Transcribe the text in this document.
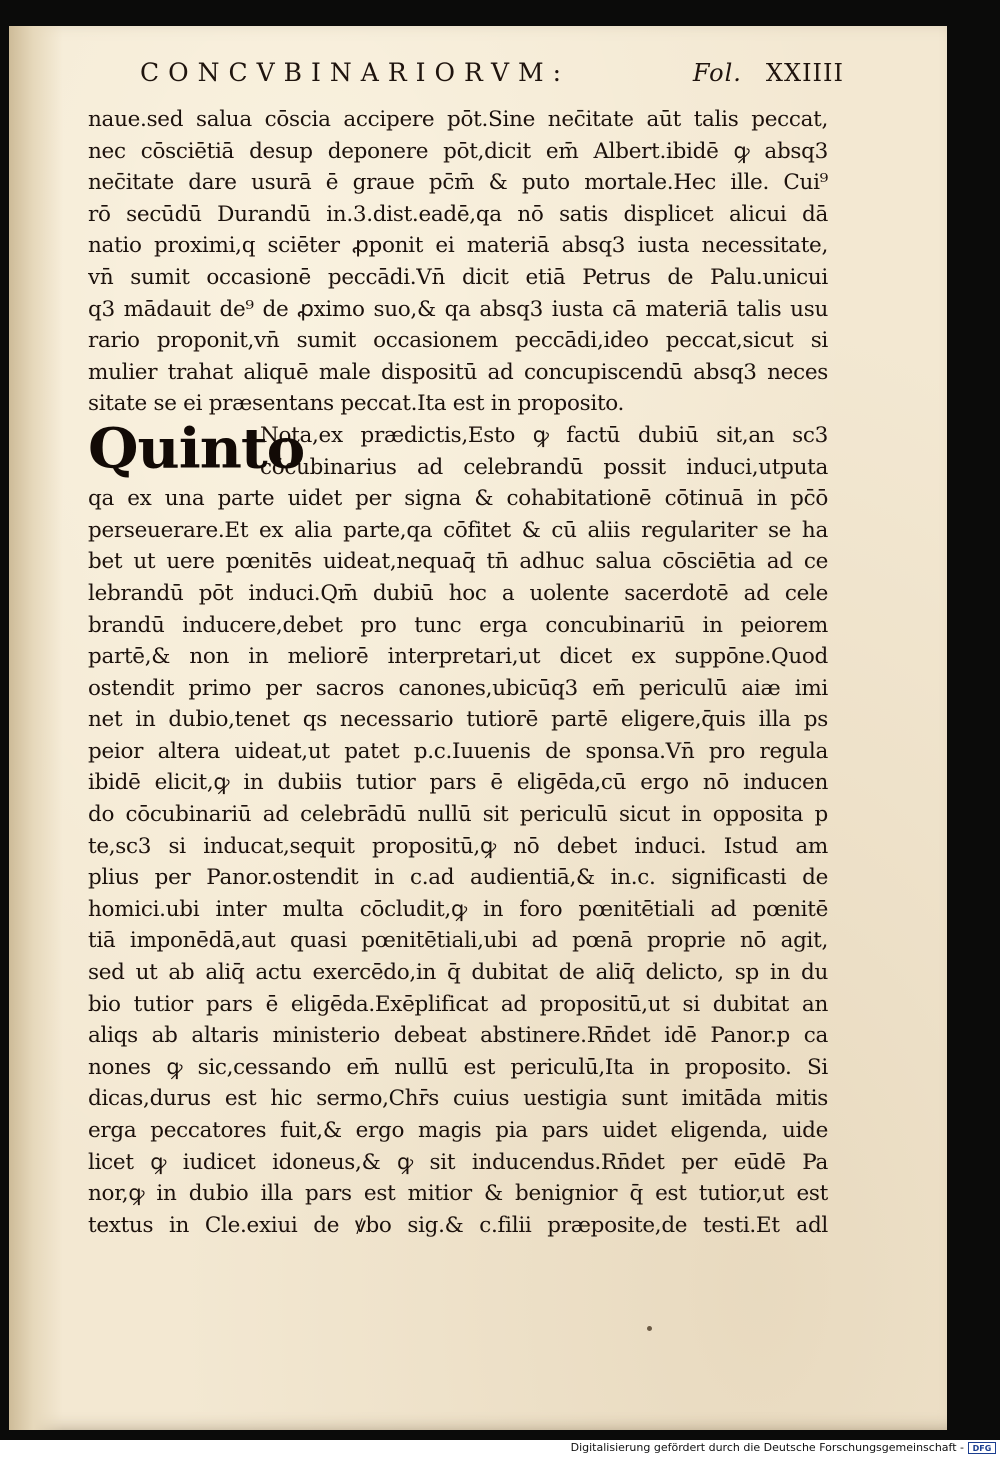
CONCVBINARIORVM:	Fol. XXIIII
naue.sed salua cōscia accipere pōt.Sine nec̄itate aūt talis peccat,
nec cōsciētiā desup deponere pōt,dicit em̄ Albert.ibidē ꝙ absq3
nec̄itate dare usurā ē graue pc̄m̄ & puto mortale.Hec ille. Cui⁹
rō secūdū Durandū in.3.dist.eadē,qa nō satis displicet alicui dā
natio proximi,q sciēter ꝓponit ei materiā absq3 iusta necessitate,
vn̄ sumit occasionē peccādi.Vn̄ dicit etiā Petrus de Palu.unicui
q3 mādauit de⁹ de ꝓximo suo,& qa absq3 iusta cā materiā talis usu
rario proponit,vn̄ sumit occasionem peccādi,ideo peccat,sicut si
mulier trahat aliquē male dispositū ad concupiscendū absq3 neces
sitate se ei præsentans peccat.Ita est in proposito.
Quinto
Nota,ex prædictis,Esto ꝙ factū dubiū sit,an sc3
cōcubinarius ad celebrandū possit induci,utputa
qa ex una parte uidet per signa & cohabitationē cōtinuā in pc̄ō
perseuerare.Et ex alia parte,qa cōfitet & cū aliis regulariter se ha
bet ut uere pœnitēs uideat,nequaq̄ tn̄ adhuc salua cōsciētia ad ce
lebrandū pōt induci.Qm̄ dubiū hoc a uolente sacerdotē ad cele
brandū inducere,debet pro tunc erga concubinariū in peiorem
partē,& non in meliorē interpretari,ut dicet ex suppōne.Quod
ostendit primo per sacros canones,ubicūq3 em̄ periculū aiæ imi
net in dubio,tenet qs necessario tutiorē partē eligere,q̄uis illa ps
peior altera uideat,ut patet p.c.Iuuenis de sponsa.Vn̄ pro regula
ibidē elicit,ꝙ in dubiis tutior pars ē eligēda,cū ergo nō inducen
do cōcubinariū ad celebrādū nullū sit periculū sicut in opposita p
te,sc3 si inducat,sequit propositū,ꝙ nō debet induci. Istud am
plius per Panor.ostendit in c.ad audientiā,& in.c. significasti de
homici.ubi inter multa cōcludit,ꝙ in foro pœnitētiali ad pœnitē
tiā imponēdā,aut quasi pœnitētiali,ubi ad pœnā proprie nō agit,
sed ut ab aliq̄ actu exercēdo,in q̄ dubitat de aliq̄ delicto, sp in du
bio tutior pars ē eligēda.Exēplificat ad propositū,ut si dubitat an
aliqs ab altaris ministerio debeat abstinere.Rn̄det idē Panor.p ca
nones ꝙ sic,cessando em̄ nullū est periculū,Ita in proposito. Si
dicas,durus est hic sermo,Chr̄s cuius uestigia sunt imitāda mitis
erga peccatores fuit,& ergo magis pia pars uidet eligenda, uide
licet ꝙ iudicet idoneus,& ꝙ sit inducendus.Rn̄det per eūdē Pa
nor,ꝙ in dubio illa pars est mitior & benignior q̄ est tutior,ut est
textus in Cle.exiui de ꝟbo sig.& c.filii præposite,de testi.Et adl
Digitalisierung gefördert durch die Deutsche Forschungsgemeinschaft -	DFG
